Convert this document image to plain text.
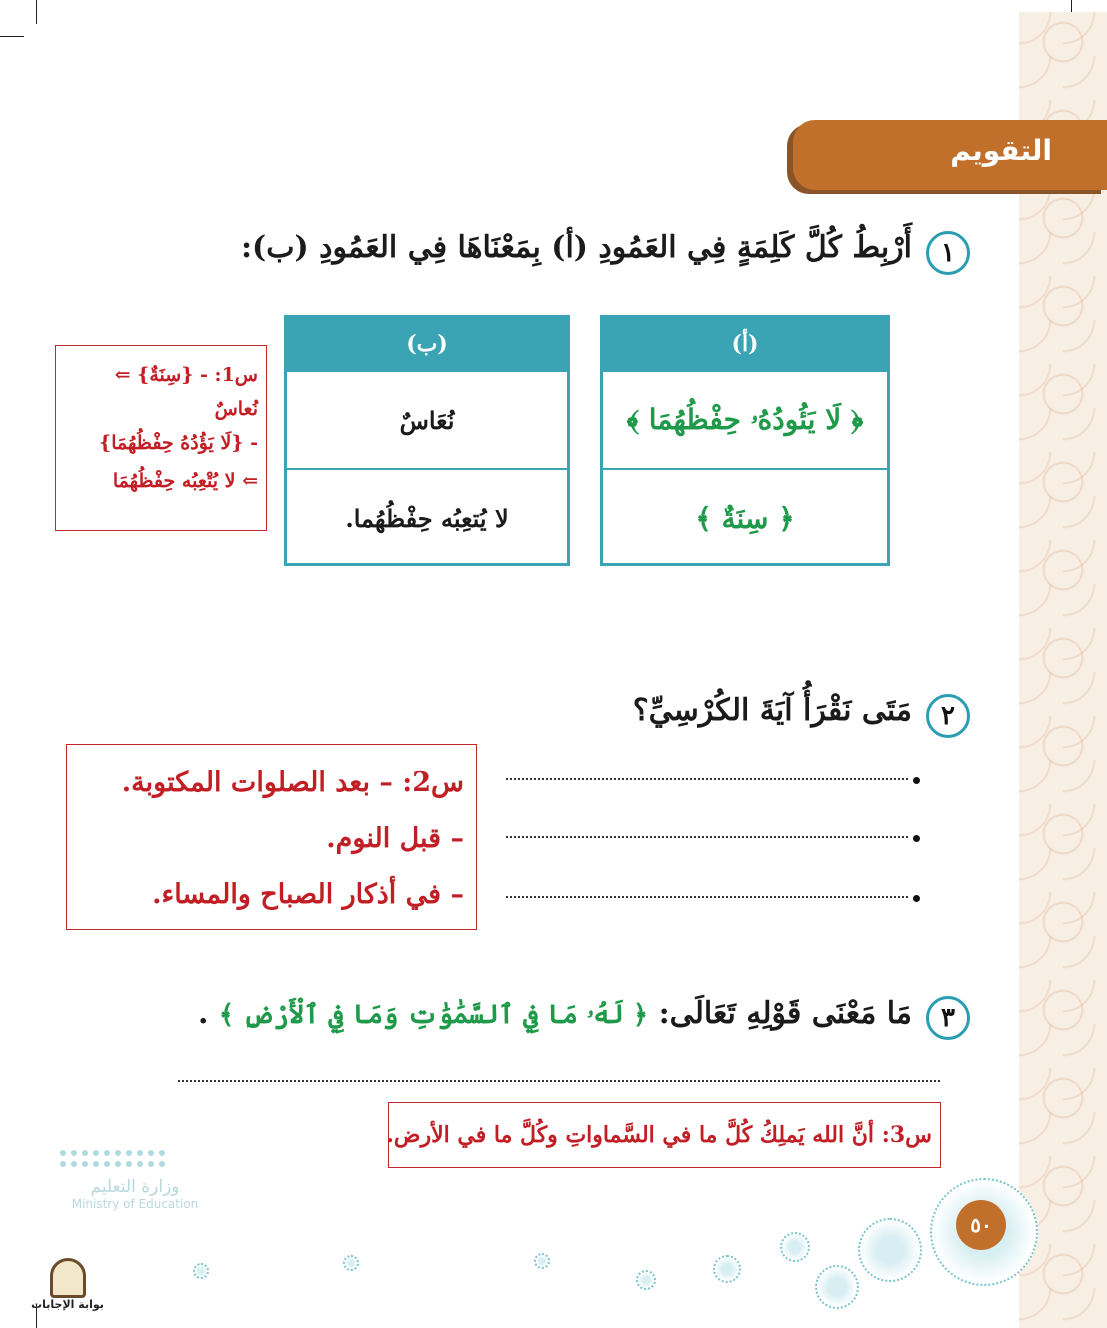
التقويم
١
أَرْبِطُ كُلَّ كَلِمَةٍ فِي العَمُودِ (أ) بِمَعْنَاهَا فِي العَمُودِ (ب):
(أ)
﴿ لَا يَئُودُهُۥ حِفْظُهُمَا ﴾
﴿ سِنَةٌ ﴾
(ب)
نُعَاسٌ
لا يُتعِبُه حِفْظُهُما.
س1: - {سِنَةٌ} ⇐
نُعاسٌ
- {لَا يَؤُدُهُ حِفْظُهُمَا}
⇐ لا يُتْعِبُه حِفْظُهُمَا
٢
مَتَى نَقْرَأُ آيَةَ الكُرْسِيِّ؟
س2: – بعد الصلوات المكتوبة.
– قبل النوم.
– في أذكار الصباح والمساء.
٣
مَا مَعْنَى قَوْلِهِ تَعَالَى: ﴿ لَهُۥ مَا فِي ٱلسَّمَٰوَٰتِ وَمَا فِي ٱلْأَرْضِ ﴾ .
س3: أنَّ الله يَملِكُ كُلَّ ما في السَّماواتِ وكُلَّ ما في الأرض.
٥٠
وزارة التعليم
Ministry of Education
بوابة الإجابات
